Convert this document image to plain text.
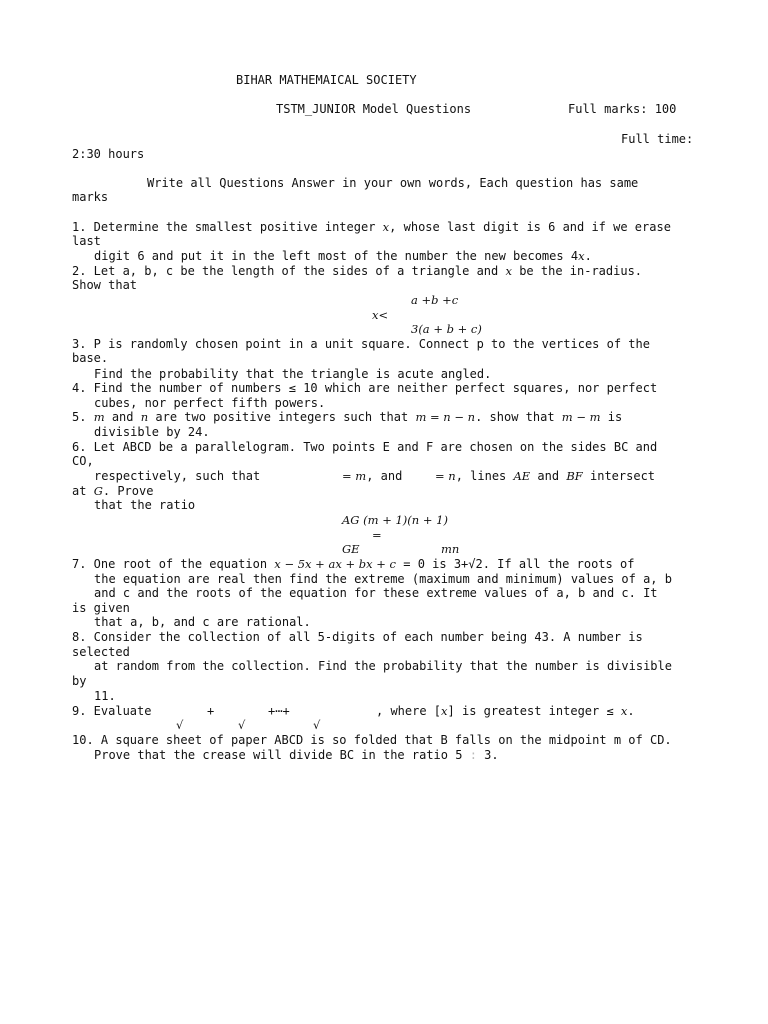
BIHAR MATHEMAICAL SOCIETY
TSTM_JUNIOR Model Questions	Full marks: 100
Full time:
2:30 hours
Write all Questions Answer in your own words, Each question has same
marks
1. Determine the smallest positive integer x, whose last digit is 6 and if we erase
last
digit 6 and put it in the left most of the number the new becomes 4x.
2. Let a, b, c be the length of the sides of a triangle and x be the in-radius.
Show that
a +b +c
x<
3(a + b + c)
3. P is randomly chosen point in a unit square. Connect p to the vertices of the
base.
Find the probability that the triangle is acute angled.
4. Find the number of numbers ≤ 10 which are neither perfect squares, nor perfect
cubes, nor perfect fifth powers.
5. m and n are two positive integers such that m = n − n. show that m − m is
divisible by 24.
6. Let ABCD be a parallelogram. Two points E and F are chosen on the sides BC and
CO,
respectively, such that	= m, and	= n, lines AE and BF intersect
at G. Prove
that the ratio
AG (m + 1)(n + 1)
=
GE	mn
7. One root of the equation x − 5x + ax + bx + c = 0 is 3+√2. If all the roots of
the equation are real then find the extreme (maximum and minimum) values of a, b
and c and the roots of the equation for these extreme values of a, b and c. It
is given
that a, b, and c are rational.
8. Consider the collection of all 5-digits of each number being 43. A number is
selected
at random from the collection. Find the probability that the number is divisible
by
11.
9. Evaluate	+	+⋯+	, where [x] is greatest integer ≤ x.
√	√	√
10. A square sheet of paper ABCD is so folded that B falls on the midpoint m of CD.
Prove that the crease will divide BC in the ratio 5 : 3.
